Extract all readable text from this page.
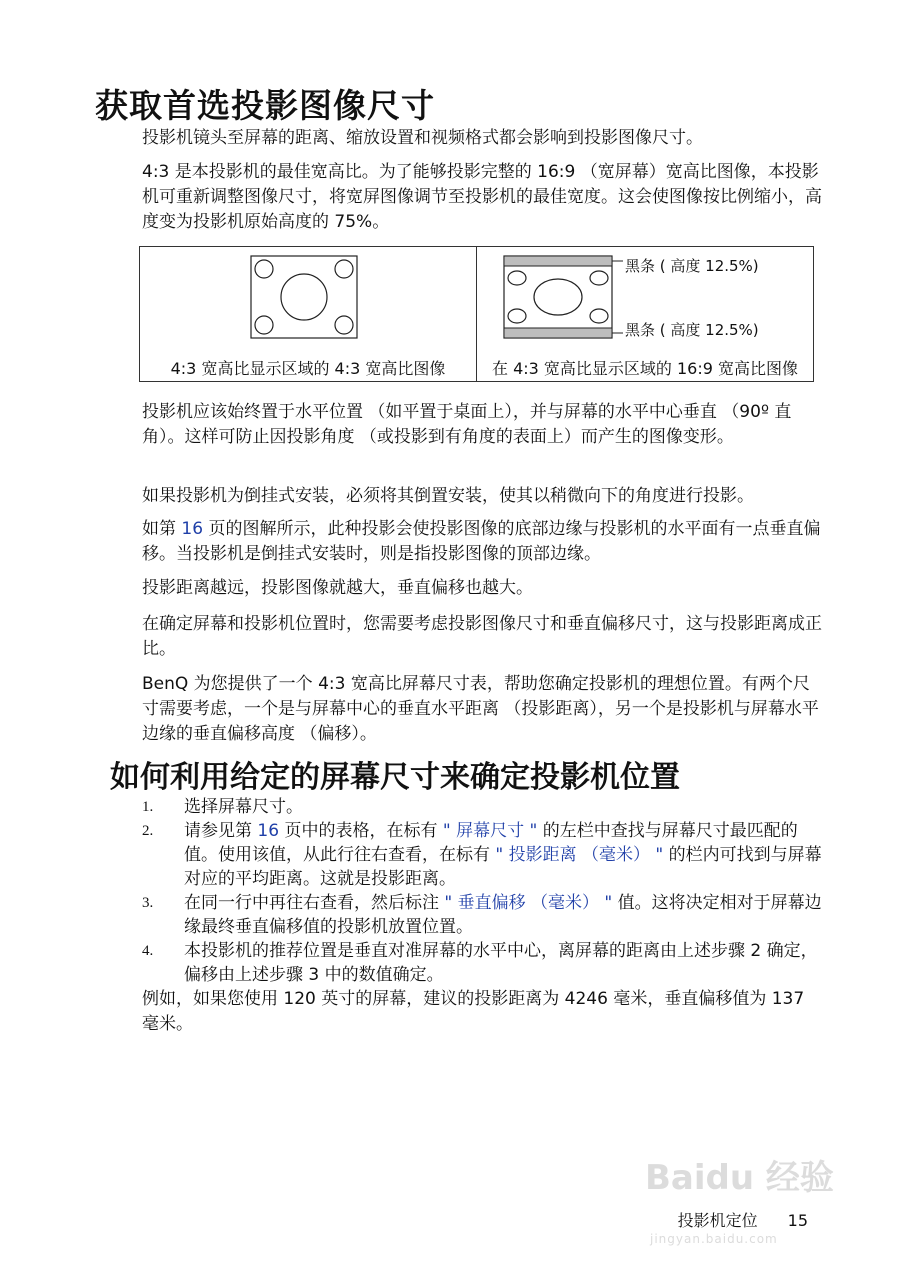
获取首选投影图像尺寸
投影机镜头至屏幕的距离、缩放设置和视频格式都会影响到投影图像尺寸。
4:3 是本投影机的最佳宽高比。为了能够投影完整的 16:9 （宽屏幕）宽高比图像，本投影机可重新调整图像尺寸，将宽屏图像调节至投影机的最佳宽度。这会使图像按比例缩小，高度变为投影机原始高度的 75%。
4:3 宽高比显示区域的 4:3 宽高比图像

黑条 ( 高度 12.5%)
黑条 ( 高度 12.5%)
在 4:3 宽高比显示区域的 16:9 宽高比图像
投影机应该始终置于水平位置 （如平置于桌面上），并与屏幕的水平中心垂直 （90º 直角）。这样可防止因投影角度 （或投影到有角度的表面上）而产生的图像变形。
如果投影机为倒挂式安装，必须将其倒置安装，使其以稍微向下的角度进行投影。
如第 16 页的图解所示，此种投影会使投影图像的底部边缘与投影机的水平面有一点垂直偏移。当投影机是倒挂式安装时，则是指投影图像的顶部边缘。
投影距离越远，投影图像就越大，垂直偏移也越大。
在确定屏幕和投影机位置时，您需要考虑投影图像尺寸和垂直偏移尺寸，这与投影距离成正比。
BenQ 为您提供了一个 4:3 宽高比屏幕尺寸表，帮助您确定投影机的理想位置。有两个尺寸需要考虑，一个是与屏幕中心的垂直水平距离 （投影距离），另一个是投影机与屏幕水平边缘的垂直偏移高度 （偏移）。
如何利用给定的屏幕尺寸来确定投影机位置
1. 选择屏幕尺寸。
2. 请参见第 16 页中的表格，在标有 " 屏幕尺寸 " 的左栏中查找与屏幕尺寸最匹配的值。使用该值，从此行往右查看，在标有 " 投影距离 （毫米） " 的栏内可找到与屏幕对应的平均距离。这就是投影距离。
3. 在同一行中再往右查看，然后标注 " 垂直偏移 （毫米） " 值。这将决定相对于屏幕边缘最终垂直偏移值的投影机放置位置。
4. 本投影机的推荐位置是垂直对准屏幕的水平中心，离屏幕的距离由上述步骤 2 确定，偏移由上述步骤 3 中的数值确定。
例如，如果您使用 120 英寸的屏幕，建议的投影距离为 4246 毫米，垂直偏移值为 137 毫米。
Baidu 经验
jingyan.baidu.com
投影机定位 15
